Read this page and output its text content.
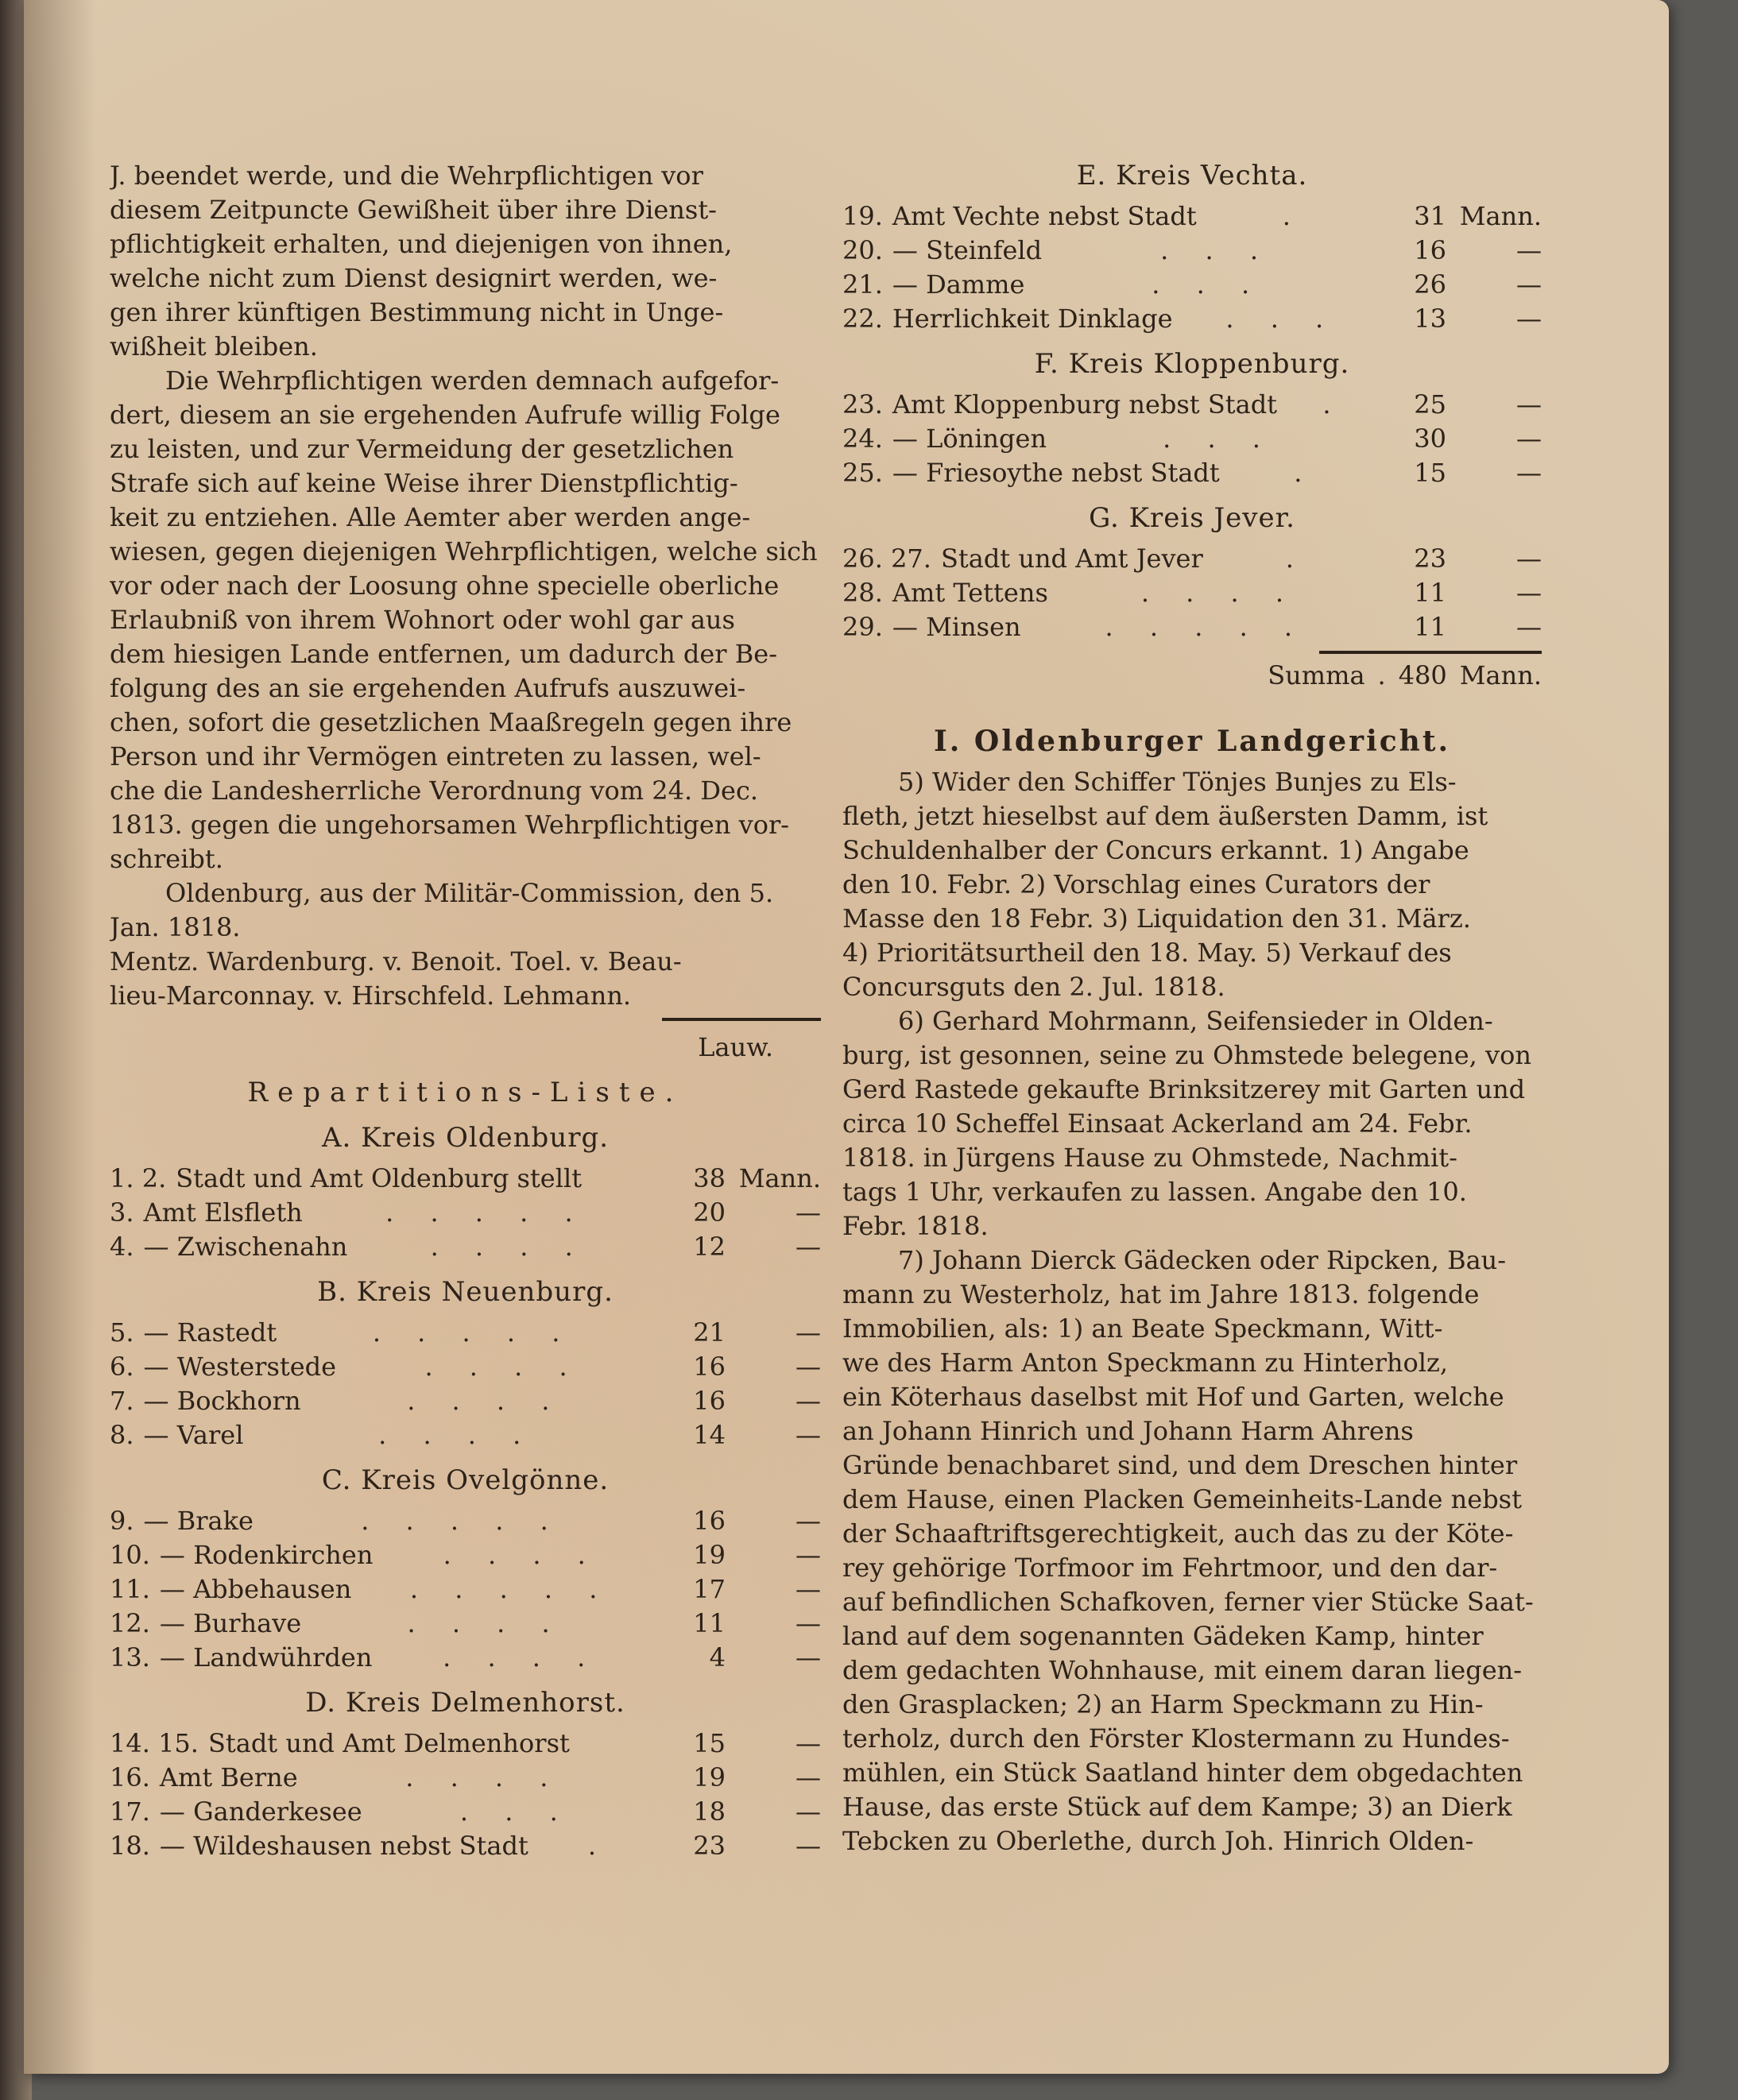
J. beendet werde, und die Wehrpflichtigen vor
diesem Zeitpuncte Gewißheit über ihre Dienst-
pflichtigkeit erhalten, und diejenigen von ihnen,
welche nicht zum Dienst designirt werden, we-
gen ihrer künftigen Bestimmung nicht in Unge-
wißheit bleiben.
Die Wehrpflichtigen werden demnach aufgefor-
dert, diesem an sie ergehenden Aufrufe willig Folge
zu leisten, und zur Vermeidung der gesetzlichen
Strafe sich auf keine Weise ihrer Dienstpflichtig-
keit zu entziehen. Alle Aemter aber werden ange-
wiesen, gegen diejenigen Wehrpflichtigen, welche sich
vor oder nach der Loosung ohne specielle oberliche
Erlaubniß von ihrem Wohnort oder wohl gar aus
dem hiesigen Lande entfernen, um dadurch der Be-
folgung des an sie ergehenden Aufrufs auszuwei-
chen, sofort die gesetzlichen Maaßregeln gegen ihre
Person und ihr Vermögen eintreten zu lassen, wel-
che die Landesherrliche Verordnung vom 24. Dec.
1813. gegen die ungehorsamen Wehrpflichtigen vor-
schreibt.
Oldenburg, aus der Militär-Commission, den 5.
Jan. 1818.
Mentz. Wardenburg. v. Benoit. Toel. v. Beau-
lieu-Marconnay. v. Hirschfeld. Lehmann.
Lauw.
Repartitions-Liste.
A. Kreis Oldenburg.
1. 2. Stadt und Amt Oldenburg stellt	38 Mann.
3. Amt Elsfleth	. . . . .	20	—
4. — Zwischenahn	. . . .	12	—
B. Kreis Neuenburg.
5. — Rastedt	. . . . .	21	—
6. — Westerstede	. . . .	16	—
7. — Bockhorn	. . . .	16	—
8. — Varel	. . . .	14	—
C. Kreis Ovelgönne.
9. — Brake	. . . . .	16	—
10. — Rodenkirchen	. . . .	19	—
11. — Abbehausen	. . . . .	17	—
12. — Burhave	. . . .	11	—
13. — Landwührden	. . . .	4	—
D. Kreis Delmenhorst.
14. 15. Stadt und Amt Delmenhorst	15	—
16. Amt Berne	. . . .	19	—
17. — Ganderkesee	. . .	18	—
18. — Wildeshausen nebst Stadt	.	23	—
E. Kreis Vechta.
19. Amt Vechte nebst Stadt	.	31 Mann.
20. — Steinfeld	. . .	16	—
21. — Damme	. . .	26	—
22. Herrlichkeit Dinklage	. . .	13	—
F. Kreis Kloppenburg.
23. Amt Kloppenburg nebst Stadt	.	25	—
24. — Löningen	. . .	30	—
25. — Friesoythe nebst Stadt	.	15	—
G. Kreis Jever.
26. 27. Stadt und Amt Jever	.	23	—
28. Amt Tettens	. . . .	11	—
29. — Minsen	. . . . .	11	—
Summa . 480 Mann.
I. Oldenburger Landgericht.
5) Wider den Schiffer Tönjes Bunjes zu Els-
fleth, jetzt hieselbst auf dem äußersten Damm, ist
Schuldenhalber der Concurs erkannt. 1) Angabe
den 10. Febr. 2) Vorschlag eines Curators der
Masse den 18 Febr. 3) Liquidation den 31. März.
4) Prioritätsurtheil den 18. May. 5) Verkauf des
Concursguts den 2. Jul. 1818.
6) Gerhard Mohrmann, Seifensieder in Olden-
burg, ist gesonnen, seine zu Ohmstede belegene, von
Gerd Rastede gekaufte Brinksitzerey mit Garten und
circa 10 Scheffel Einsaat Ackerland am 24. Febr.
1818. in Jürgens Hause zu Ohmstede, Nachmit-
tags 1 Uhr, verkaufen zu lassen. Angabe den 10.
Febr. 1818.
7) Johann Dierck Gädecken oder Ripcken, Bau-
mann zu Westerholz, hat im Jahre 1813. folgende
Immobilien, als: 1) an Beate Speckmann, Witt-
we des Harm Anton Speckmann zu Hinterholz,
ein Köterhaus daselbst mit Hof und Garten, welche
an Johann Hinrich und Johann Harm Ahrens
Gründe benachbaret sind, und dem Dreschen hinter
dem Hause, einen Placken Gemeinheits-Lande nebst
der Schaaftriftsgerechtigkeit, auch das zu der Köte-
rey gehörige Torfmoor im Fehrtmoor, und den dar-
auf befindlichen Schafkoven, ferner vier Stücke Saat-
land auf dem sogenannten Gädeken Kamp, hinter
dem gedachten Wohnhause, mit einem daran liegen-
den Grasplacken; 2) an Harm Speckmann zu Hin-
terholz, durch den Förster Klostermann zu Hundes-
mühlen, ein Stück Saatland hinter dem obgedachten
Hause, das erste Stück auf dem Kampe; 3) an Dierk
Tebcken zu Oberlethe, durch Joh. Hinrich Olden-
